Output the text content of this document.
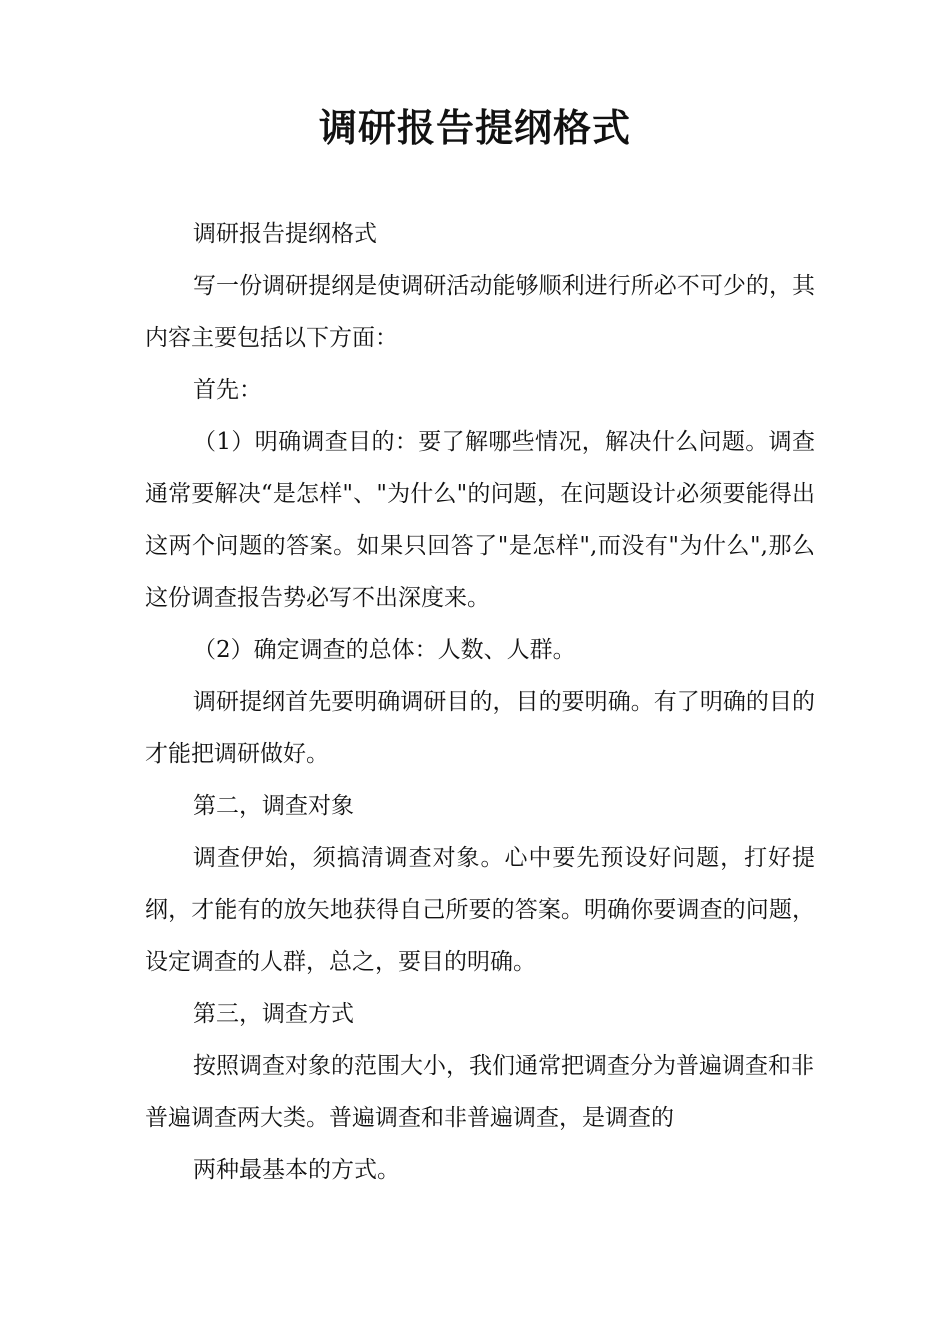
调研报告提纲格式

调研报告提纲格式

写一份调研提纲是使调研活动能够顺利进行所必不可少的，其内容主要包括以下方面：

首先：

（1）明确调查目的：要了解哪些情况，解决什么问题。调查通常要解决“是怎样"、"为什么"的问题，在问题设计必须要能得出这两个问题的答案。如果只回答了"是怎样",而没有"为什么",那么这份调查报告势必写不出深度来。

（2）确定调查的总体：人数、人群。

调研提纲首先要明确调研目的，目的要明确。有了明确的目的才能把调研做好。

第二，调查对象

调查伊始，须搞清调查对象。心中要先预设好问题，打好提纲，才能有的放矢地获得自己所要的答案。明确你要调查的问题，设定调查的人群，总之，要目的明确。

第三，调查方式

按照调查对象的范围大小，我们通常把调查分为普遍调查和非普遍调查两大类。普遍调查和非普遍调查，是调查的

两种最基本的方式。
